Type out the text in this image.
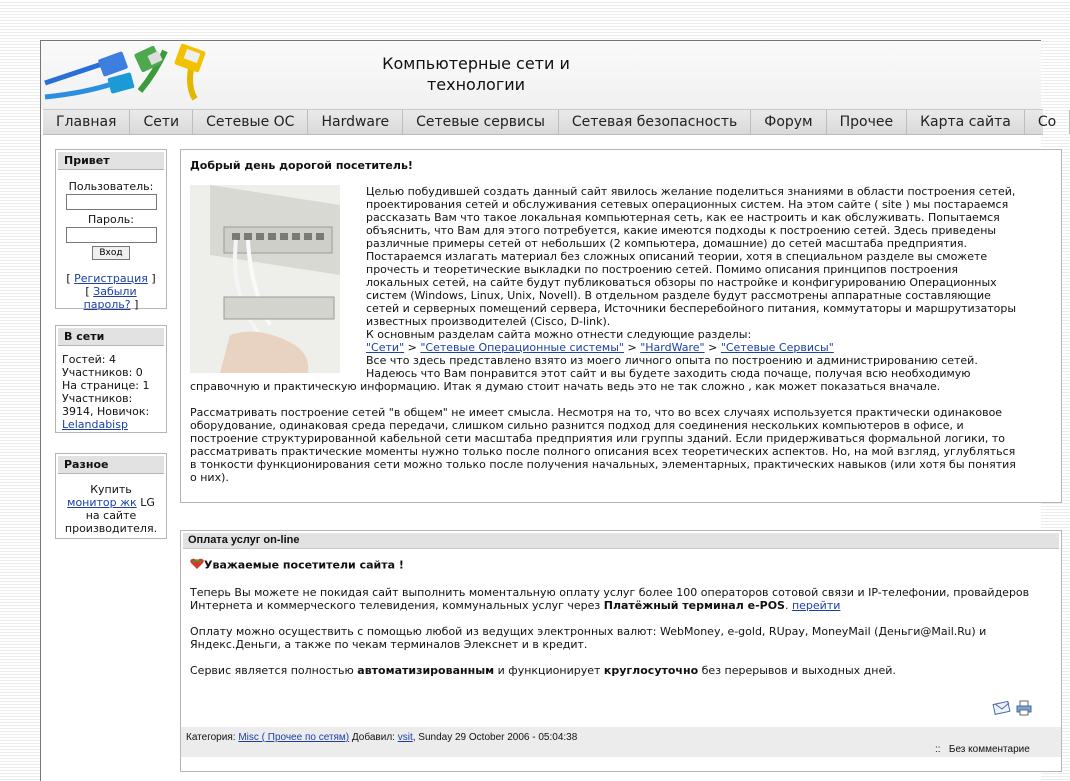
Компьютерные сети и
технологии
Главная Сети Сетевые ОС Hardware Сетевые сервисы Сетевая безопасность Форум Прочее Карта сайта Со
Привет
Пользователь:
Пароль:
Вход
[ Регистрация ]
[ Забыли пароль? ]
В сети
Гостей: 4
Участников: 0
На странице: 1
Участников:
3914, Новичок:
Lelandabisp
Разное
Купить
монитор жк LG на сайте производителя.
Добрый день дорогой посетитель!

Целью побудившей создать данный сайт явилось желание поделиться знаниями в области построения сетей, проектирования сетей и обслуживания сетевых операционных систем. На этом сайте ( site ) мы постараемся рассказать Вам что такое локальная компьютерная сеть, как ее настроить и как обслуживать. Попытаемся объяснить, что Вам для этого потребуется, какие имеются подходы к построению сетей. Здесь приведены различные примеры сетей от небольших (2 компьютера, домашние) до сетей масштаба предприятия. Постараемся излагать материал без сложных описаний теории, хотя в специальном разделе вы сможете прочесть и теоретические выкладки по построению сетей. Помимо описания принципов построения локальных сетей, на сайте будут публиковаться обзоры по настройке и конфигурированию Операционных систем (Windows, Linux, Unix, Novell). В отдельном разделе будут рассмотрены аппаратные составляющие сетей и серверных помещений сервера, Источники бесперебойного питания, коммутаторы и маршрутизаторы известных производителей (Cisco, D-link).

К основным разделам сайта можно отнести следующие разделы:
"Сети" > "Сетевые Операционные системы" > "HardWare" > "Сетевые Сервисы"

Все что здесь представлено взято из моего личного опыта по построению и администрированию сетей. Надеюсь что Вам понравится этот сайт и вы будете заходить сюда почаще, получая всю необходимую справочную и практическую информацию. Итак я думаю стоит начать ведь это не так сложно , как может показаться вначале.

Рассматривать построение сетей "в общем" не имеет смысла. Несмотря на то, что во всех случаях используется практически одинаковое оборудование, одинаковая среда передачи, слишком сильно разнится подход для соединения нескольких компьютеров в офисе, и построение структурированной кабельной сети масштаба предприятия или группы зданий. Если придерживаться формальной логики, то рассматривать практические моменты нужно только после полного описания всех теоретических аспектов. Но, на мой взгляд, углубляться в тонкости функционирования сети можно только после получения начальных, элементарных, практических навыков (или хотя бы понятия о них).

Оплата услуг on-line
Уважаемые посетители сайта !

Теперь Вы можете не покидая сайт выполнить моментальную оплату услуг более 100 операторов сотовой связи и IP-телефонии, провайдеров Интернета и коммерческого телевидения, коммунальных услуг через Платёжный терминал e-POS. перейти

Оплату можно осуществить с помощью любой из ведущих электронных валют: WebMoney, e-gold, RUpay, MoneyMail (Деньги@Mail.Ru) и Яндекс.Деньги, а также по чекам терминалов Элекснет и в кредит.

Сервис является полностью автоматизированным и функционирует круглосуточно без перерывов и выходных дней.

Категория: Misc ( Прочее по сетям) Добавил: vsit, Sunday 29 October 2006 - 05:04:38
:: Без комментарие
